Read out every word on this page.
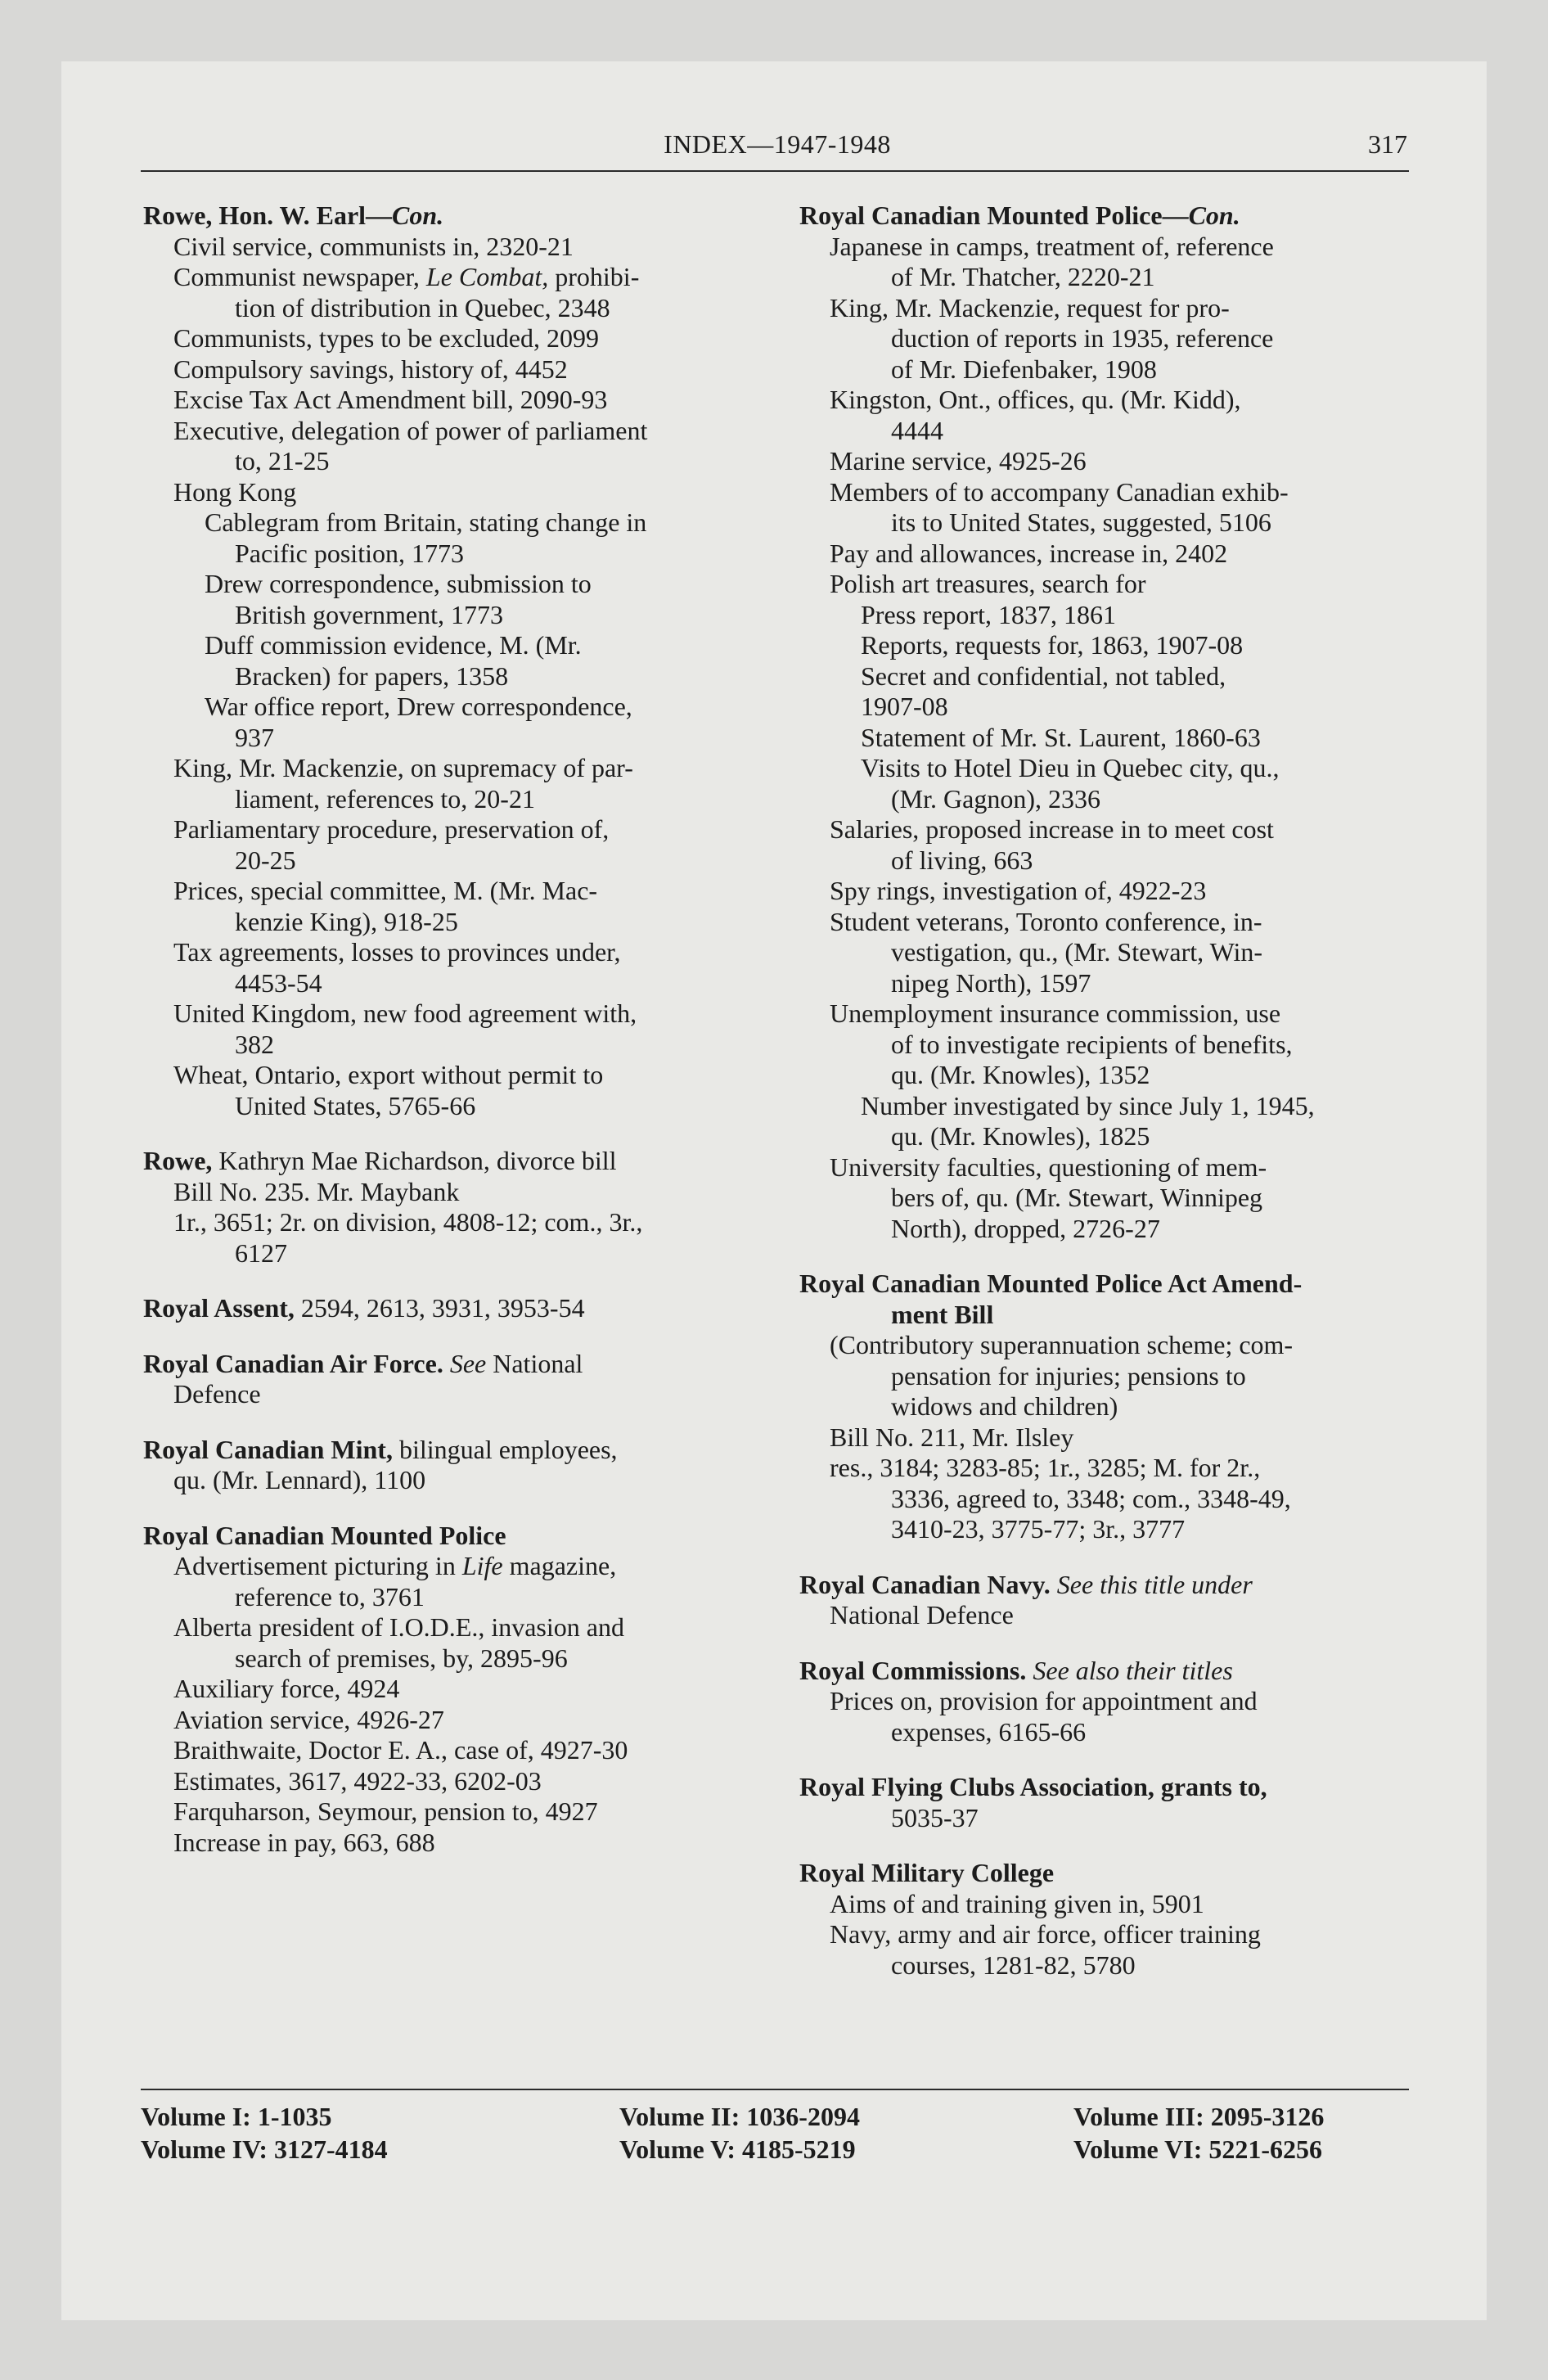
INDEX—1947-1948	317
Rowe, Hon. W. Earl—Con.
Civil service, communists in, 2320-21
Communist newspaper, Le Combat, prohibi-
tion of distribution in Quebec, 2348
Communists, types to be excluded, 2099
Compulsory savings, history of, 4452
Excise Tax Act Amendment bill, 2090-93
Executive, delegation of power of parliament
to, 21-25
Hong Kong
Cablegram from Britain, stating change in
Pacific position, 1773
Drew correspondence, submission to
British government, 1773
Duff commission evidence, M. (Mr.
Bracken) for papers, 1358
War office report, Drew correspondence,
937
King, Mr. Mackenzie, on supremacy of par-
liament, references to, 20-21
Parliamentary procedure, preservation of,
20-25
Prices, special committee, M. (Mr. Mac-
kenzie King), 918-25
Tax agreements, losses to provinces under,
4453-54
United Kingdom, new food agreement with,
382
Wheat, Ontario, export without permit to
United States, 5765-66
Rowe, Kathryn Mae Richardson, divorce bill
Bill No. 235. Mr. Maybank
1r., 3651; 2r. on division, 4808-12; com., 3r.,
6127
Royal Assent, 2594, 2613, 3931, 3953-54
Royal Canadian Air Force. See National
Defence
Royal Canadian Mint, bilingual employees,
qu. (Mr. Lennard), 1100
Royal Canadian Mounted Police
Advertisement picturing in Life magazine,
reference to, 3761
Alberta president of I.O.D.E., invasion and
search of premises, by, 2895-96
Auxiliary force, 4924
Aviation service, 4926-27
Braithwaite, Doctor E. A., case of, 4927-30
Estimates, 3617, 4922-33, 6202-03
Farquharson, Seymour, pension to, 4927
Increase in pay, 663, 688
Royal Canadian Mounted Police—Con.
Japanese in camps, treatment of, reference
of Mr. Thatcher, 2220-21
King, Mr. Mackenzie, request for pro-
duction of reports in 1935, reference
of Mr. Diefenbaker, 1908
Kingston, Ont., offices, qu. (Mr. Kidd),
4444
Marine service, 4925-26
Members of to accompany Canadian exhib-
its to United States, suggested, 5106
Pay and allowances, increase in, 2402
Polish art treasures, search for
Press report, 1837, 1861
Reports, requests for, 1863, 1907-08
Secret and confidential, not tabled,
1907-08
Statement of Mr. St. Laurent, 1860-63
Visits to Hotel Dieu in Quebec city, qu.,
(Mr. Gagnon), 2336
Salaries, proposed increase in to meet cost
of living, 663
Spy rings, investigation of, 4922-23
Student veterans, Toronto conference, in-
vestigation, qu., (Mr. Stewart, Win-
nipeg North), 1597
Unemployment insurance commission, use
of to investigate recipients of benefits,
qu. (Mr. Knowles), 1352
Number investigated by since July 1, 1945,
qu. (Mr. Knowles), 1825
University faculties, questioning of mem-
bers of, qu. (Mr. Stewart, Winnipeg
North), dropped, 2726-27
Royal Canadian Mounted Police Act Amend-
ment Bill
(Contributory superannuation scheme; com-
pensation for injuries; pensions to
widows and children)
Bill No. 211, Mr. Ilsley
res., 3184; 3283-85; 1r., 3285; M. for 2r.,
3336, agreed to, 3348; com., 3348-49,
3410-23, 3775-77; 3r., 3777
Royal Canadian Navy. See this title under
National Defence
Royal Commissions. See also their titles
Prices on, provision for appointment and
expenses, 6165-66
Royal Flying Clubs Association, grants to,
5035-37
Royal Military College
Aims of and training given in, 5901
Navy, army and air force, officer training
courses, 1281-82, 5780
Volume I: 1-1035
Volume IV: 3127-4184
Volume II: 1036-2094
Volume V: 4185-5219
Volume III: 2095-3126
Volume VI: 5221-6256
